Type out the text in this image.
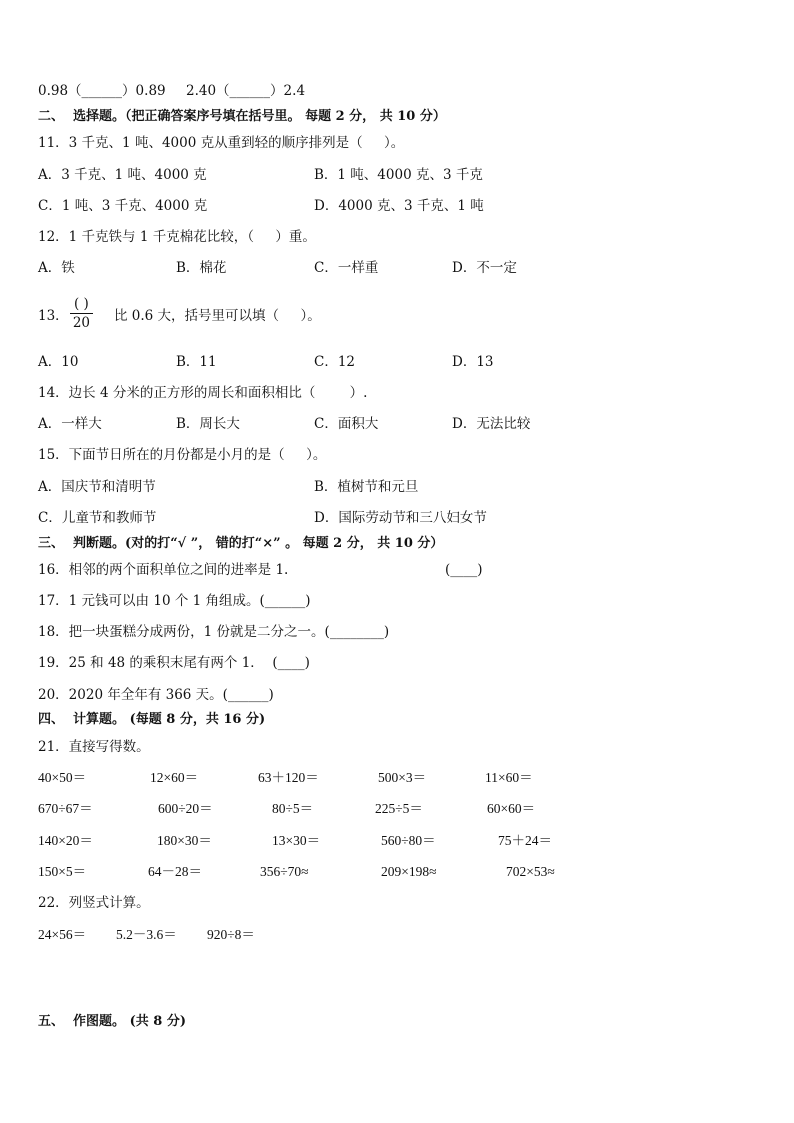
0.98（______）0.89 2.40（______）2.4
二、  选择题。（把正确答案序号填在括号里。 每题 2 分， 共 10 分）
11．3 千克、1 吨、4000 克从重到轻的顺序排列是（     ）。
A．3 千克、1 吨、4000 克	B．1 吨、4000 克、3 千克
C．1 吨、3 千克、4000 克	D．4000 克、3 千克、1 吨
12．1 千克铁与 1 千克棉花比较，（     ）重。
A．铁	B．棉花	C．一样重	D．不一定
13．
( )
20 比 0.6 大，括号里可以填（     ）。
A．10	B．11	C．12	D．13
14．边长 4 分米的正方形的周长和面积相比（        ）.
A．一样大	B．周长大	C．面积大	D．无法比较
15．下面节日所在的月份都是小月的是（     ）。
A．国庆节和清明节	B．植树节和元旦
C．儿童节和教师节	D．国际劳动节和三八妇女节
三、  判断题。(对的打“√ ”， 错的打“×” 。 每题 2 分， 共 10 分）
16．相邻的两个面积单位之间的进率是 1.	(____)
17．1 元钱可以由 10 个 1 角组成。(______)
18．把一块蛋糕分成两份，1 份就是二分之一。(________)
19．25 和 48 的乘积末尾有两个 1．  (____)
20．2020 年全年有 366 天。(______)
四、  计算题。 (每题 8 分，共 16 分)
21．直接写得数。
40×50＝	12×60＝	63＋120＝	500×3＝	11×60＝
670÷67＝	600÷20＝	80÷5＝	225÷5＝	60×60＝
140×20＝	180×30＝	13×30＝	560÷80＝	75＋24＝
150×5＝	64－28＝	356÷70≈	209×198≈	702×53≈
22．列竖式计算。
24×56＝ 5.2－3.6＝ 920÷8＝
五、  作图题。 (共 8 分)
